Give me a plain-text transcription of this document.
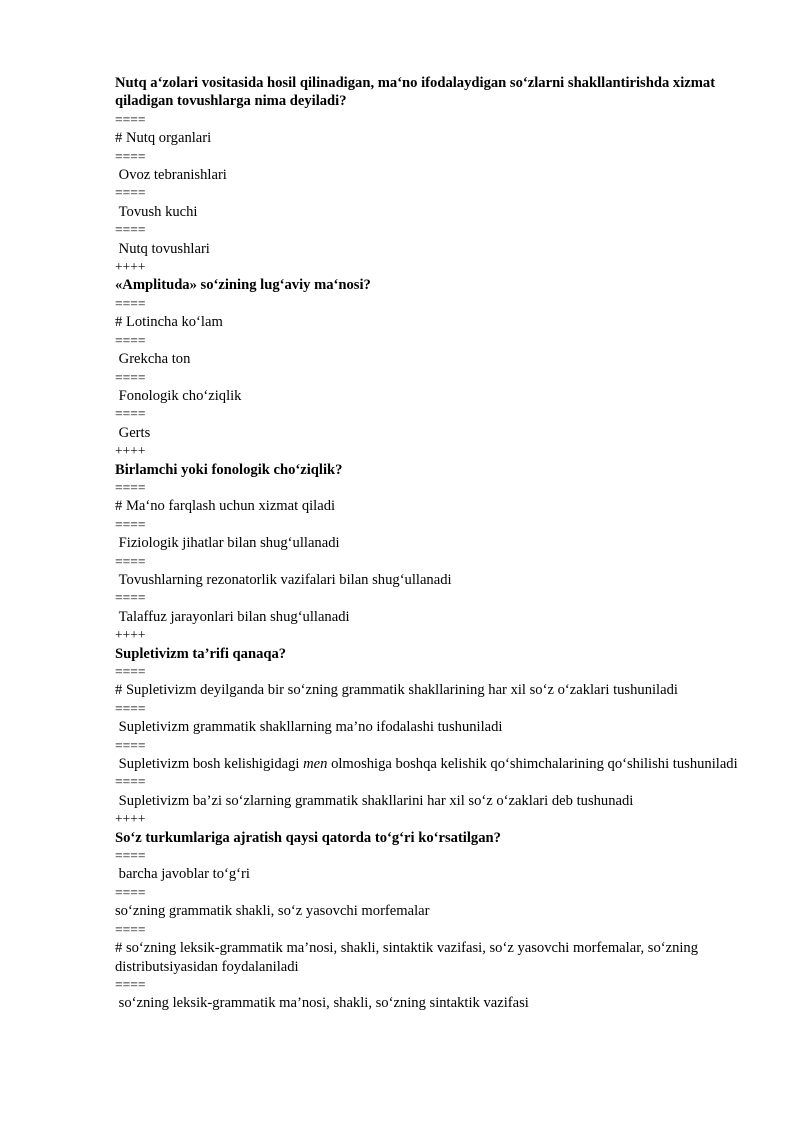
Nutq a‘zolari vositasida hosil qilinadigan, ma‘no ifodalaydigan so‘zlarni shakllantirishda xizmat qiladigan tovushlarga nima deyiladi?

====

# Nutq organlari

====

Ovoz tebranishlari

====

Tovush kuchi

====

Nutq tovushlari

++++

«Amplituda» so‘zining lug‘aviy ma‘nosi?

====

# Lotincha ko‘lam

====

Grekcha ton

====

Fonologik cho‘ziqlik

====

Gerts

++++

Birlamchi yoki fonologik cho‘ziqlik?

====

# Ma‘no farqlash uchun xizmat qiladi

====

Fiziologik jihatlar bilan shug‘ullanadi

====

Tovushlarning rezonatorlik vazifalari bilan shug‘ullanadi

====

Talaffuz jarayonlari bilan shug‘ullanadi

++++

Supletivizm ta’rifi qanaqa?

====

# Supletivizm deyilganda bir so‘zning grammatik shakllarining har xil so‘z o‘zaklari tushuniladi

====

Supletivizm grammatik shakllarning ma’no ifodalashi tushuniladi

====

Supletivizm bosh kelishigidagi men olmoshiga boshqa kelishik qo‘shimchalarining qo‘shilishi tushuniladi

====

Supletivizm ba’zi so‘zlarning grammatik shakllarini har xil so‘z o‘zaklari deb tushunadi

++++

So‘z turkumlariga ajratish qaysi qatorda to‘g‘ri ko‘rsatilgan?

====

barcha javoblar to‘g‘ri

====

so‘zning grammatik shakli, so‘z yasovchi morfemalar

====

# so‘zning leksik-grammatik ma’nosi, shakli, sintaktik vazifasi, so‘z yasovchi morfemalar, so‘zning distributsiyasidan foydalaniladi

====

so‘zning leksik-grammatik ma’nosi, shakli, so‘zning sintaktik vazifasi
